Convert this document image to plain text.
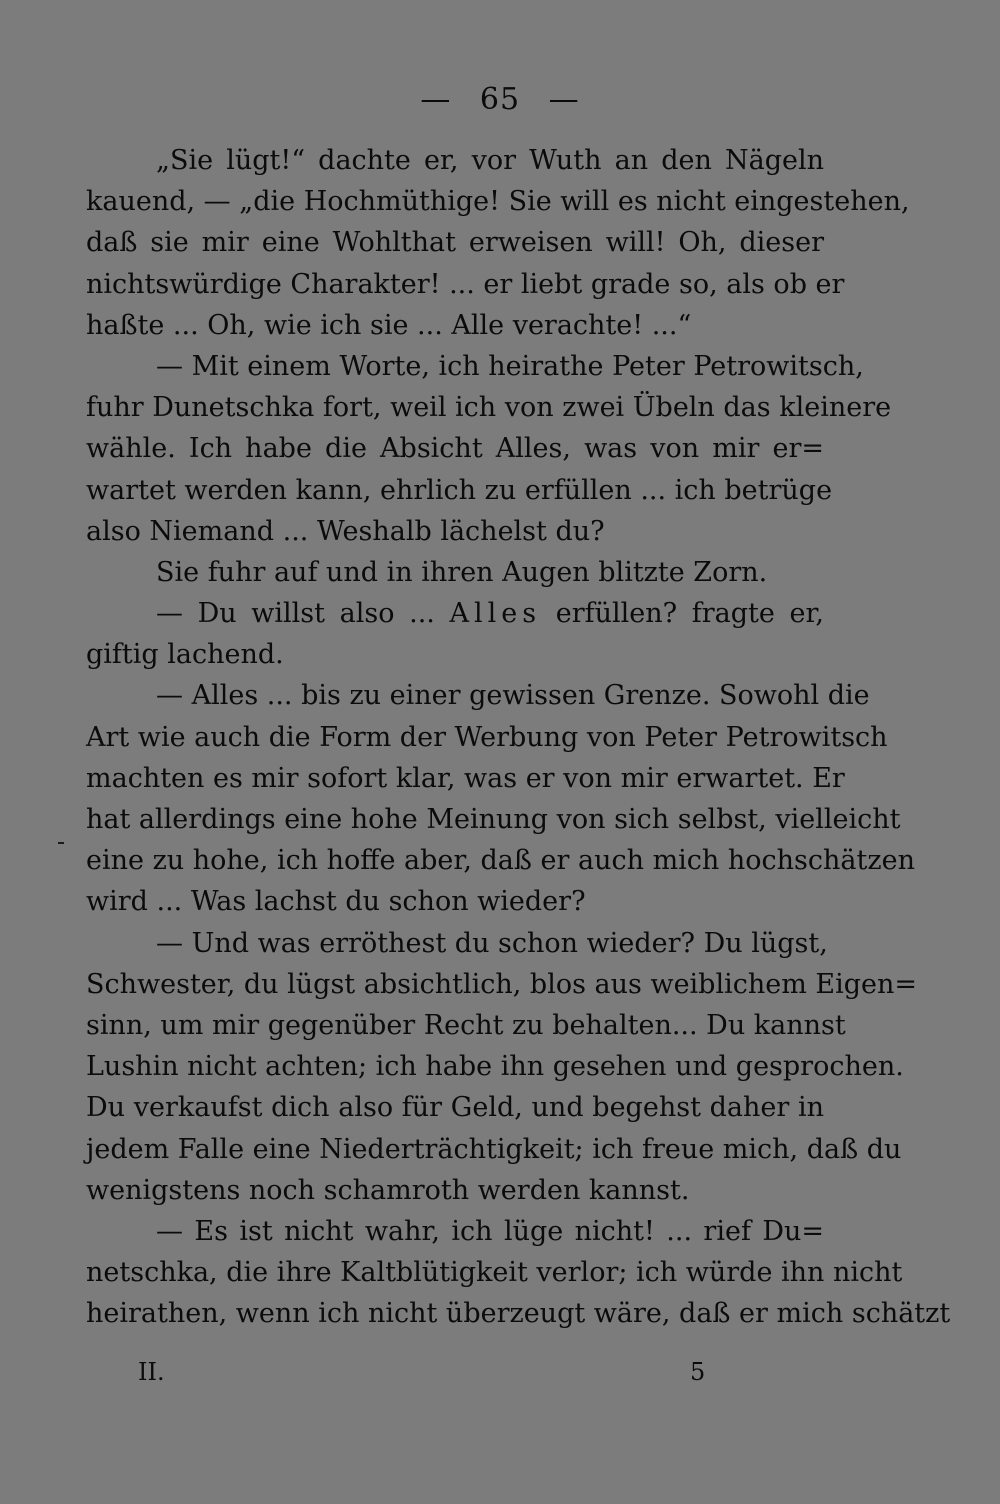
— 65 —
„Sie lügt!“ dachte er, vor Wuth an den Nägeln
kauend, — „die Hochmüthige! Sie will es nicht eingestehen,
daß sie mir eine Wohlthat erweisen will! Oh, dieser
nichtswürdige Charakter! ... er liebt grade so, als ob er
haßte ... Oh, wie ich sie ... Alle verachte! ...“
— Mit einem Worte, ich heirathe Peter Petrowitsch,
fuhr Dunetschka fort, weil ich von zwei Übeln das kleinere
wähle. Ich habe die Absicht Alles, was von mir er=
wartet werden kann, ehrlich zu erfüllen ... ich betrüge
also Niemand ... Weshalb lächelst du?
Sie fuhr auf und in ihren Augen blitzte Zorn.
— Du willst also ... Alles erfüllen? fragte er,
giftig lachend.
— Alles ... bis zu einer gewissen Grenze. Sowohl die
Art wie auch die Form der Werbung von Peter Petrowitsch
machten es mir sofort klar, was er von mir erwartet. Er
hat allerdings eine hohe Meinung von sich selbst, vielleicht
eine zu hohe, ich hoffe aber, daß er auch mich hochschätzen
wird ... Was lachst du schon wieder?
— Und was erröthest du schon wieder? Du lügst,
Schwester, du lügst absichtlich, blos aus weiblichem Eigen=
sinn, um mir gegenüber Recht zu behalten... Du kannst
Lushin nicht achten; ich habe ihn gesehen und gesprochen.
Du verkaufst dich also für Geld, und begehst daher in
jedem Falle eine Niederträchtigkeit; ich freue mich, daß du
wenigstens noch schamroth werden kannst.
— Es ist nicht wahr, ich lüge nicht! ... rief Du=
netschka, die ihre Kaltblütigkeit verlor; ich würde ihn nicht
heirathen, wenn ich nicht überzeugt wäre, daß er mich schätzt
II.	5
